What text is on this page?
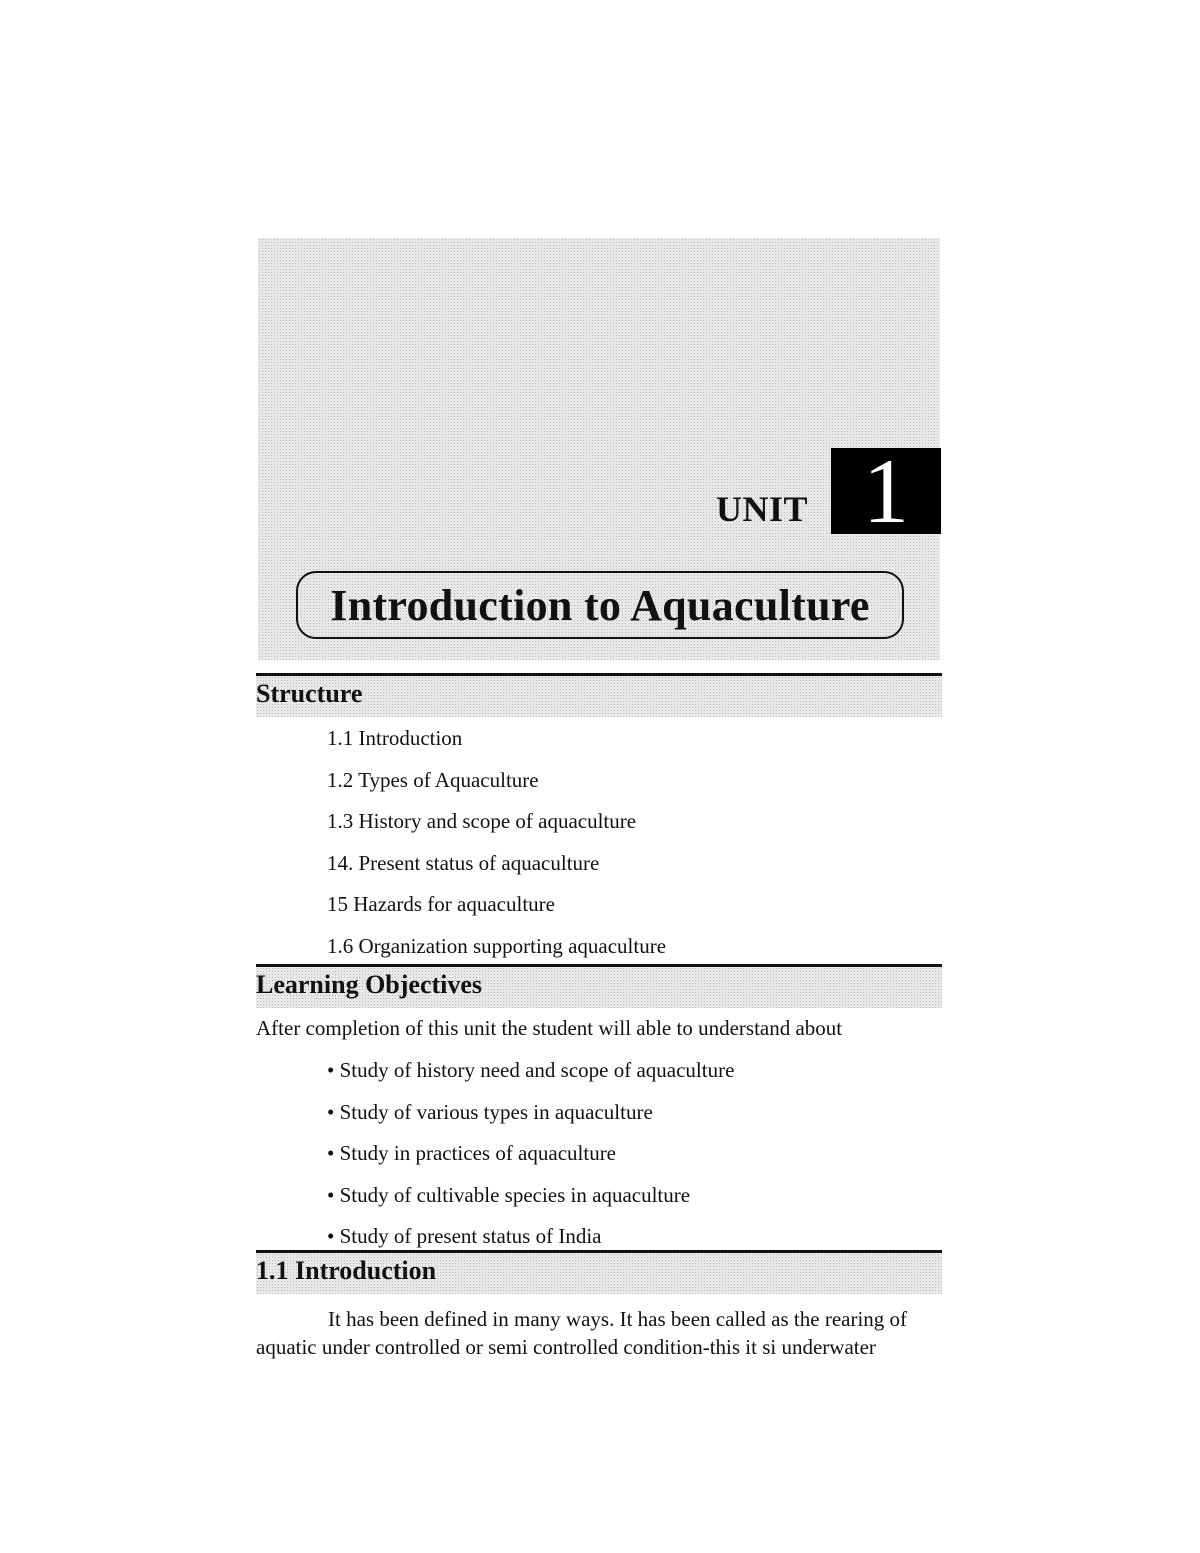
UNIT 1
Introduction to Aquaculture
Structure
1.1 Introduction
1.2 Types of Aquaculture
1.3 History and scope of aquaculture
14. Present status of aquaculture
15 Hazards for aquaculture
1.6 Organization supporting aquaculture
Learning Objectives
After completion of this unit the student will able to understand about
• Study of history need and scope of aquaculture
• Study of various types in aquaculture
• Study in practices of aquaculture
• Study of cultivable species in aquaculture
• Study of present status of India
1.1 Introduction
It has been defined in many ways. It has been called as the rearing of
aquatic under controlled or semi controlled condition-this it si underwater
